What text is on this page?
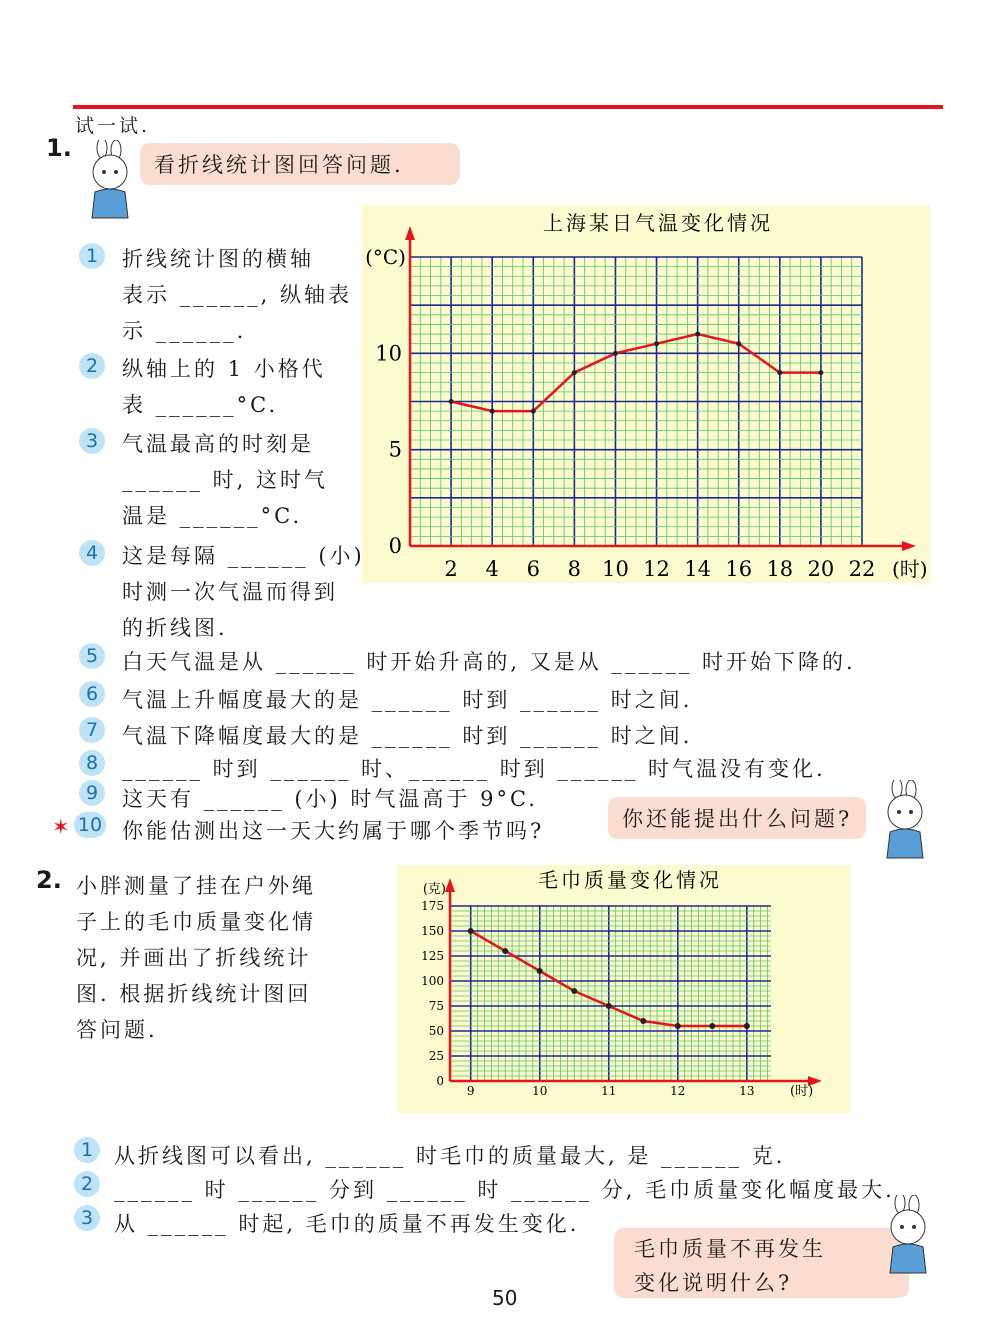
试一试.
1.
看折线统计图回答问题.
1	折线统计图的横轴
表示 ______, 纵轴表
示 ______.
2	纵轴上的 1 小格代
表 ______°C.
3	气温最高的时刻是
______ 时, 这时气
温是 ______°C.
4	这是每隔 ______ (小)
时测一次气温而得到
的折线图.
5	白天气温是从 ______ 时开始升高的, 又是从 ______ 时开始下降的.
6	气温上升幅度最大的是 ______ 时到 ______ 时之间.
7	气温下降幅度最大的是 ______ 时到 ______ 时之间.
8	______ 时到 ______ 时、______ 时到 ______ 时气温没有变化.
9	这天有 ______ (小) 时气温高于 9°C.
✶ 10 你能估测出这一天大约属于哪个季节吗?	你还能提出什么问题?
2. 小胖测量了挂在户外绳
子上的毛巾质量变化情
况, 并画出了折线统计
图. 根据折线统计图回
答问题.
1 从折线图可以看出, ______ 时毛巾的质量最大, 是 ______ 克.
2 ______ 时 ______ 分到 ______ 时 ______ 分, 毛巾质量变化幅度最大.
3 从 ______ 时起, 毛巾的质量不再发生变化.
毛巾质量不再发生
变化说明什么?
50
2 4 6 8 10 12 14 16 18 20 22
0
5
10
上海某日气温变化情况
(°C)
(时)
9	10	11	12	13
0
25
50
75
100
125
150
175
毛巾质量变化情况
(克)
(时)
